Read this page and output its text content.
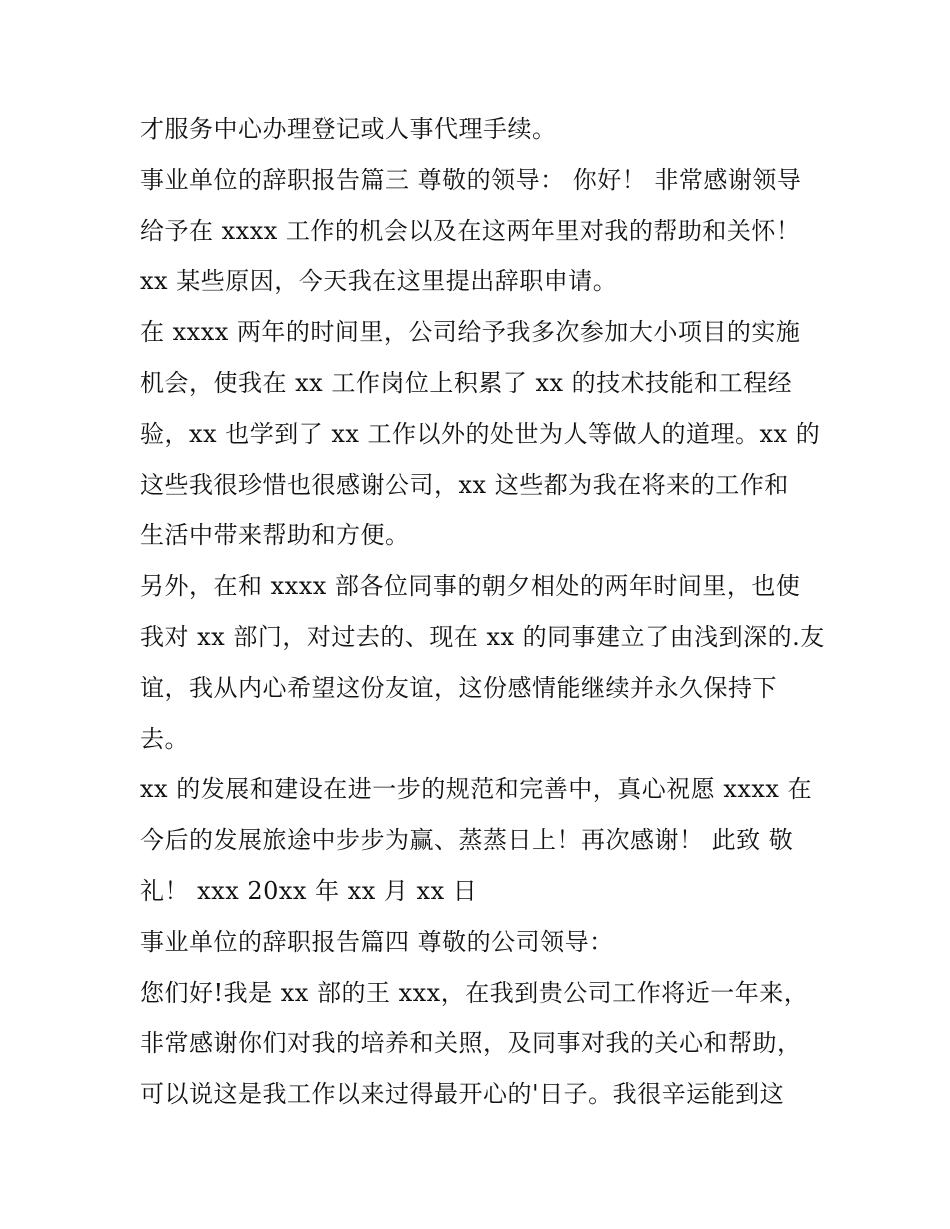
才服务中心办理登记或人事代理手续。
事业单位的辞职报告篇三 尊敬的领导： 你好！ 非常感谢领导
给予在 xxxx 工作的机会以及在这两年里对我的帮助和关怀！
xx 某些原因，今天我在这里提出辞职申请。
在 xxxx 两年的时间里，公司给予我多次参加大小项目的实施
机会，使我在 xx 工作岗位上积累了 xx 的技术技能和工程经
验，xx 也学到了 xx 工作以外的处世为人等做人的道理。xx 的
这些我很珍惜也很感谢公司，xx 这些都为我在将来的工作和
生活中带来帮助和方便。
另外，在和 xxxx 部各位同事的朝夕相处的两年时间里，也使
我对 xx 部门，对过去的、现在 xx 的同事建立了由浅到深的.友
谊，我从内心希望这份友谊，这份感情能继续并永久保持下
去。
xx 的发展和建设在进一步的规范和完善中，真心祝愿 xxxx 在
今后的发展旅途中步步为赢、蒸蒸日上！再次感谢！ 此致 敬
礼！ xxx 20xx 年 xx 月 xx 日
事业单位的辞职报告篇四 尊敬的公司领导：
您们好!我是 xx 部的王 xxx，在我到贵公司工作将近一年来，
非常感谢你们对我的培养和关照，及同事对我的关心和帮助，
可以说这是我工作以来过得最开心的'日子。我很辛运能到这
